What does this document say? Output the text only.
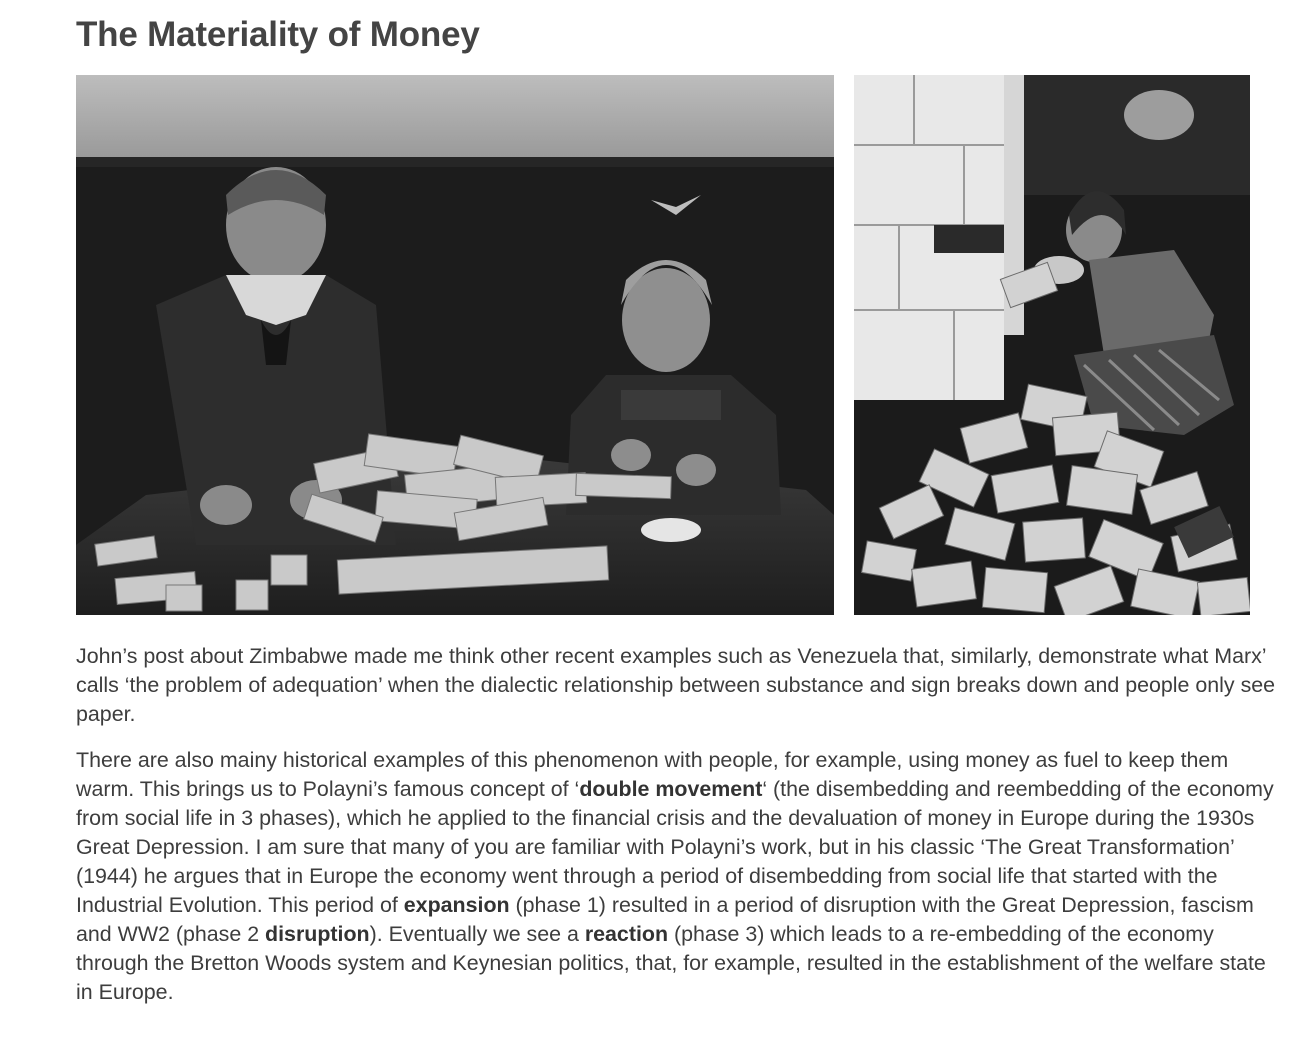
The Materiality of Money

John’s post about Zimbabwe made me think other recent examples such as Venezuela that, similarly, demonstrate what Marx’ calls ‘the problem of adequation’ when the dialectic relationship between substance and sign breaks down and people only see paper.

There are also mainy historical examples of this phenomenon with people, for example, using money as fuel to keep them warm. This brings us to Polayni’s famous concept of ‘double movement‘ (the disembedding and reembedding of the economy from social life in 3 phases), which he applied to the financial crisis and the devaluation of money in Europe during the 1930s Great Depression. I am sure that many of you are familiar with Polayni’s work, but in his classic ‘The Great Transformation’ (1944) he argues that in Europe the economy went through a period of disembedding from social life that started with the Industrial Evolution. This period of expansion (phase 1) resulted in a period of disruption with the Great Depression, fascism and WW2 (phase 2 disruption). Eventually we see a reaction (phase 3) which leads to a re-embedding of the economy through the Bretton Woods system and Keynesian politics, that, for example, resulted in the establishment of the welfare state in Europe.
